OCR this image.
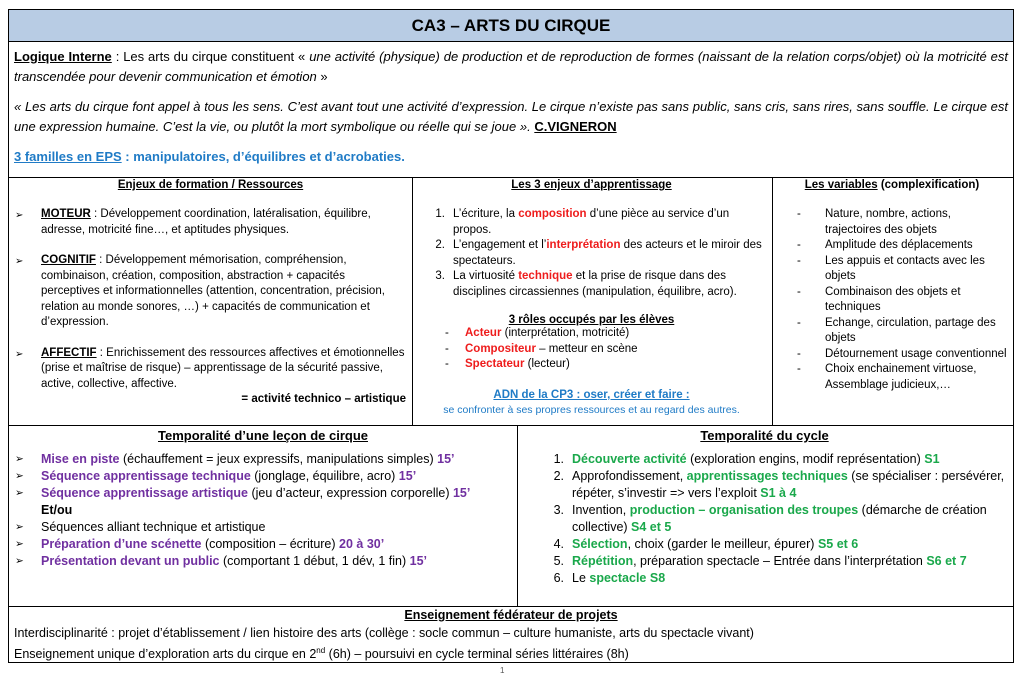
CA3 – ARTS DU CIRQUE

Logique Interne : Les arts du cirque constituent « une activité (physique) de production et de reproduction de formes (naissant de la relation corps/objet) où la motricité est transcendée pour devenir communication et émotion »

« Les arts du cirque font appel à tous les sens. C’est avant tout une activité d’expression. Le cirque n’existe pas sans public, sans cris, sans rires, sans souffle. Le cirque est une expression humaine. C’est la vie, ou plutôt la mort symbolique ou réelle qui se joue ». C.VIGNERON

3 familles en EPS : manipulatoires, d’équilibres et d’acrobaties.

Enjeux de formation / Ressources
➢	MOTEUR : Développement coordination, latéralisation, équilibre, adresse, motricité fine…, et aptitudes physiques.
➢	COGNITIF : Développement mémorisation, compréhension, combinaison, création, composition, abstraction + capacités perceptives et informationnelles (attention, concentration, précision, relation au monde sonores, …) + capacités de communication et d’expression.
➢	AFFECTIF : Enrichissement des ressources affectives et émotionnelles (prise et maîtrise de risque) – apprentissage de la sécurité passive, active, collective, affective.
= activité technico – artistique
Les 3 enjeux d’apprentissage
1. L’écriture, la composition d’une pièce au service d’un propos.
2. L’engagement et l’interprétation des acteurs et le miroir des spectateurs.
3. La virtuosité technique et la prise de risque dans des disciplines circassiennes (manipulation, équilibre, acro).
3 rôles occupés par les élèves
-	Acteur (interprétation, motricité)
-	Compositeur – metteur en scène
-	Spectateur (lecteur)
ADN de la CP3 : oser, créer et faire :
se confronter à ses propres ressources et au regard des autres.
Les variables (complexification)
-	Nature, nombre, actions, trajectoires des objets
-	Amplitude des déplacements
-	Les appuis et contacts avec les objets
-	Combinaison des objets et techniques
-	Echange, circulation, partage des objets
-	Détournement usage conventionnel
-	Choix enchainement virtuose, Assemblage judicieux,…
Temporalité d’une leçon de cirque
➢	Mise en piste (échauffement = jeux expressifs, manipulations simples) 15’
➢	Séquence apprentissage technique (jonglage, équilibre, acro) 15’
➢	Séquence apprentissage artistique (jeu d’acteur, expression corporelle) 15’
Et/ou
➢	Séquences alliant technique et artistique
➢	Préparation d’une scénette (composition – écriture) 20 à 30’
➢	Présentation devant un public (comportant 1 début, 1 dév, 1 fin) 15’
Temporalité du cycle
1. Découverte activité (exploration engins, modif représentation) S1
2. Approfondissement, apprentissages techniques (se spécialiser : persévérer, répéter, s’investir => vers l’exploit S1 à 4
3. Invention, production – organisation des troupes (démarche de création collective) S4 et 5
4. Sélection, choix (garder le meilleur, épurer) S5 et 6
5. Répétition, préparation spectacle – Entrée dans l’interprétation S6 et 7
6. Le spectacle S8
Enseignement fédérateur de projets
Interdisciplinarité : projet d’établissement / lien histoire des arts (collège : socle commun – culture humaniste, arts du spectacle vivant)
Enseignement unique d’exploration arts du cirque en 2nd (6h) – poursuivi en cycle terminal séries littéraires (8h)
1
